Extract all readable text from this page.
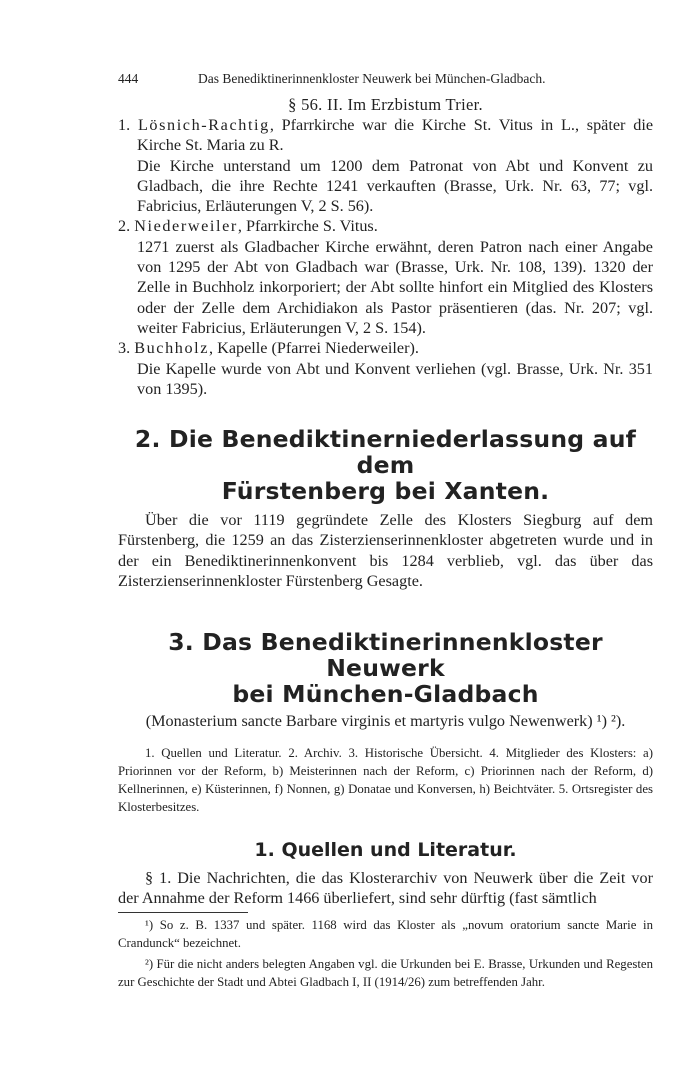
444	Das Benediktinerinnenkloster Neuwerk bei München-Gladbach.
§ 56. II. Im Erzbistum Trier.

1. Lösnich-Rachtig, Pfarrkirche war die Kirche St. Vitus in L., später die Kirche St. Maria zu R.

Die Kirche unterstand um 1200 dem Patronat von Abt und Konvent zu Gladbach, die ihre Rechte 1241 verkauften (Brasse, Urk. Nr. 63, 77; vgl. Fabricius, Erläuterungen V, 2 S. 56).

2. Niederweiler, Pfarrkirche S. Vitus.

1271 zuerst als Gladbacher Kirche erwähnt, deren Patron nach einer Angabe von 1295 der Abt von Gladbach war (Brasse, Urk. Nr. 108, 139). 1320 der Zelle in Buchholz inkorporiert; der Abt sollte hinfort ein Mitglied des Klosters oder der Zelle dem Archidiakon als Pastor präsentieren (das. Nr. 207; vgl. weiter Fabricius, Erläuterungen V, 2 S. 154).

3. Buchholz, Kapelle (Pfarrei Niederweiler).

Die Kapelle wurde von Abt und Konvent verliehen (vgl. Brasse, Urk. Nr. 351 von 1395).

2. Die Benediktinerniederlassung auf dem
Fürstenberg bei Xanten.

Über die vor 1119 gegründete Zelle des Klosters Siegburg auf dem Fürstenberg, die 1259 an das Zisterzienserinnenkloster abgetreten wurde und in der ein Benediktinerinnenkonvent bis 1284 verblieb, vgl. das über das Zisterzienserinnenkloster Fürstenberg Gesagte.

3. Das Benediktinerinnenkloster Neuwerk
bei München-Gladbach
(Monasterium sancte Barbare virginis et martyris vulgo Newenwerk) ¹) ²).

1. Quellen und Literatur. 2. Archiv. 3. Historische Übersicht. 4. Mitglieder des Klosters: a) Priorinnen vor der Reform, b) Meisterinnen nach der Reform, c) Priorinnen nach der Reform, d) Kellnerinnen, e) Küsterinnen, f) Nonnen, g) Donatae und Konversen, h) Beichtväter. 5. Ortsregister des Klosterbesitzes.

1. Quellen und Literatur.

§ 1. Die Nachrichten, die das Klosterarchiv von Neuwerk über die Zeit vor der Annahme der Reform 1466 überliefert, sind sehr dürftig (fast sämtlich

¹) So z. B. 1337 und später. 1168 wird das Kloster als „novum oratorium sancte Marie in Crandunck“ bezeichnet.

²) Für die nicht anders belegten Angaben vgl. die Urkunden bei E. Brasse, Urkunden und Regesten zur Geschichte der Stadt und Abtei Gladbach I, II (1914/26) zum betreffenden Jahr.
